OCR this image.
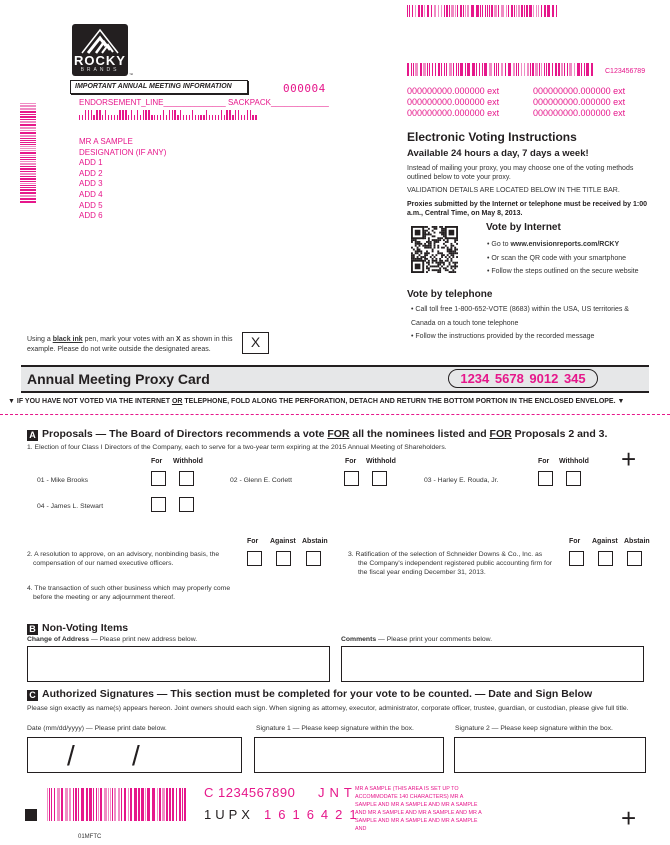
ROCKY
BRANDS
™
IMPORTANT ANNUAL MEETING INFORMATION	000004
ENDORSEMENT_LINE______________ SACKPACK_____________
MR A SAMPLE
DESIGNATION (IF ANY)
ADD 1
ADD 2
ADD 3
ADD 4
ADD 5
ADD 6
C123456789
000000000.000000 ext	000000000.000000 ext
000000000.000000 ext	000000000.000000 ext
000000000.000000 ext	000000000.000000 ext
Electronic Voting Instructions
Available 24 hours a day, 7 days a week!
Instead of mailing your proxy, you may choose one of the voting methods outlined below to vote your proxy.
VALIDATION DETAILS ARE LOCATED BELOW IN THE TITLE BAR.
Proxies submitted by the Internet or telephone must be received by 1:00 a.m., Central Time, on May 8, 2013.
Vote by Internet
• Go to www.envisionreports.com/RCKY
• Or scan the QR code with your smartphone
• Follow the steps outlined on the secure website
Vote by telephone
• Call toll free 1-800-652-VOTE (8683) within the USA, US territories & Canada on a touch tone telephone
• Follow the instructions provided by the recorded message
Using a black ink pen, mark your votes with an X as shown in this example. Please do not write outside the designated areas.	X
Annual Meeting Proxy Card	1234 5678 9012 345
▼ IF YOU HAVE NOT VOTED VIA THE INTERNET OR TELEPHONE, FOLD ALONG THE PERFORATION, DETACH AND RETURN THE BOTTOM PORTION IN THE ENCLOSED ENVELOPE. ▼
A Proposals — The Board of Directors recommends a vote FOR all the nominees listed and FOR Proposals 2 and 3.
1. Election of four Class I Directors of the Company, each to serve for a two-year term expiring at the 2015 Annual Meeting of Shareholders.	+
For Withhold	For Withhold	For Withhold
01 - Mike Brooks	02 - Glenn E. Corlett	03 - Harley E. Rouda, Jr.
04 - James L. Stewart
For Against Abstain	For Against Abstain
2. A resolution to approve, on an advisory, nonbinding basis, the compensation of our named executive officers.
3. Ratification of the selection of Schneider Downs & Co., Inc. as the Company's independent registered public accounting firm for the fiscal year ending December 31, 2013.
4. The transaction of such other business which may properly come before the meeting or any adjournment thereof.
B Non-Voting Items
Change of Address — Please print new address below.	Comments — Please print your comments below.
C Authorized Signatures — This section must be completed for your vote to be counted. — Date and Sign Below
Please sign exactly as name(s) appears hereon. Joint owners should each sign. When signing as attorney, executor, administrator, corporate officer, trustee, guardian, or custodian, please give full title.
Date (mm/dd/yyyy) — Please print date below.	Signature 1 — Please keep signature within the box.	Signature 2 — Please keep signature within the box.
/ /
01MFTC
C 1234567890 JNT
1UPX 1616421
MR A SAMPLE (THIS AREA IS SET UP TO ACCOMMODATE 140 CHARACTERS) MR A SAMPLE AND MR A SAMPLE AND MR A SAMPLE AND MR A SAMPLE AND MR A SAMPLE AND MR A SAMPLE AND MR A SAMPLE AND MR A SAMPLE AND	+
